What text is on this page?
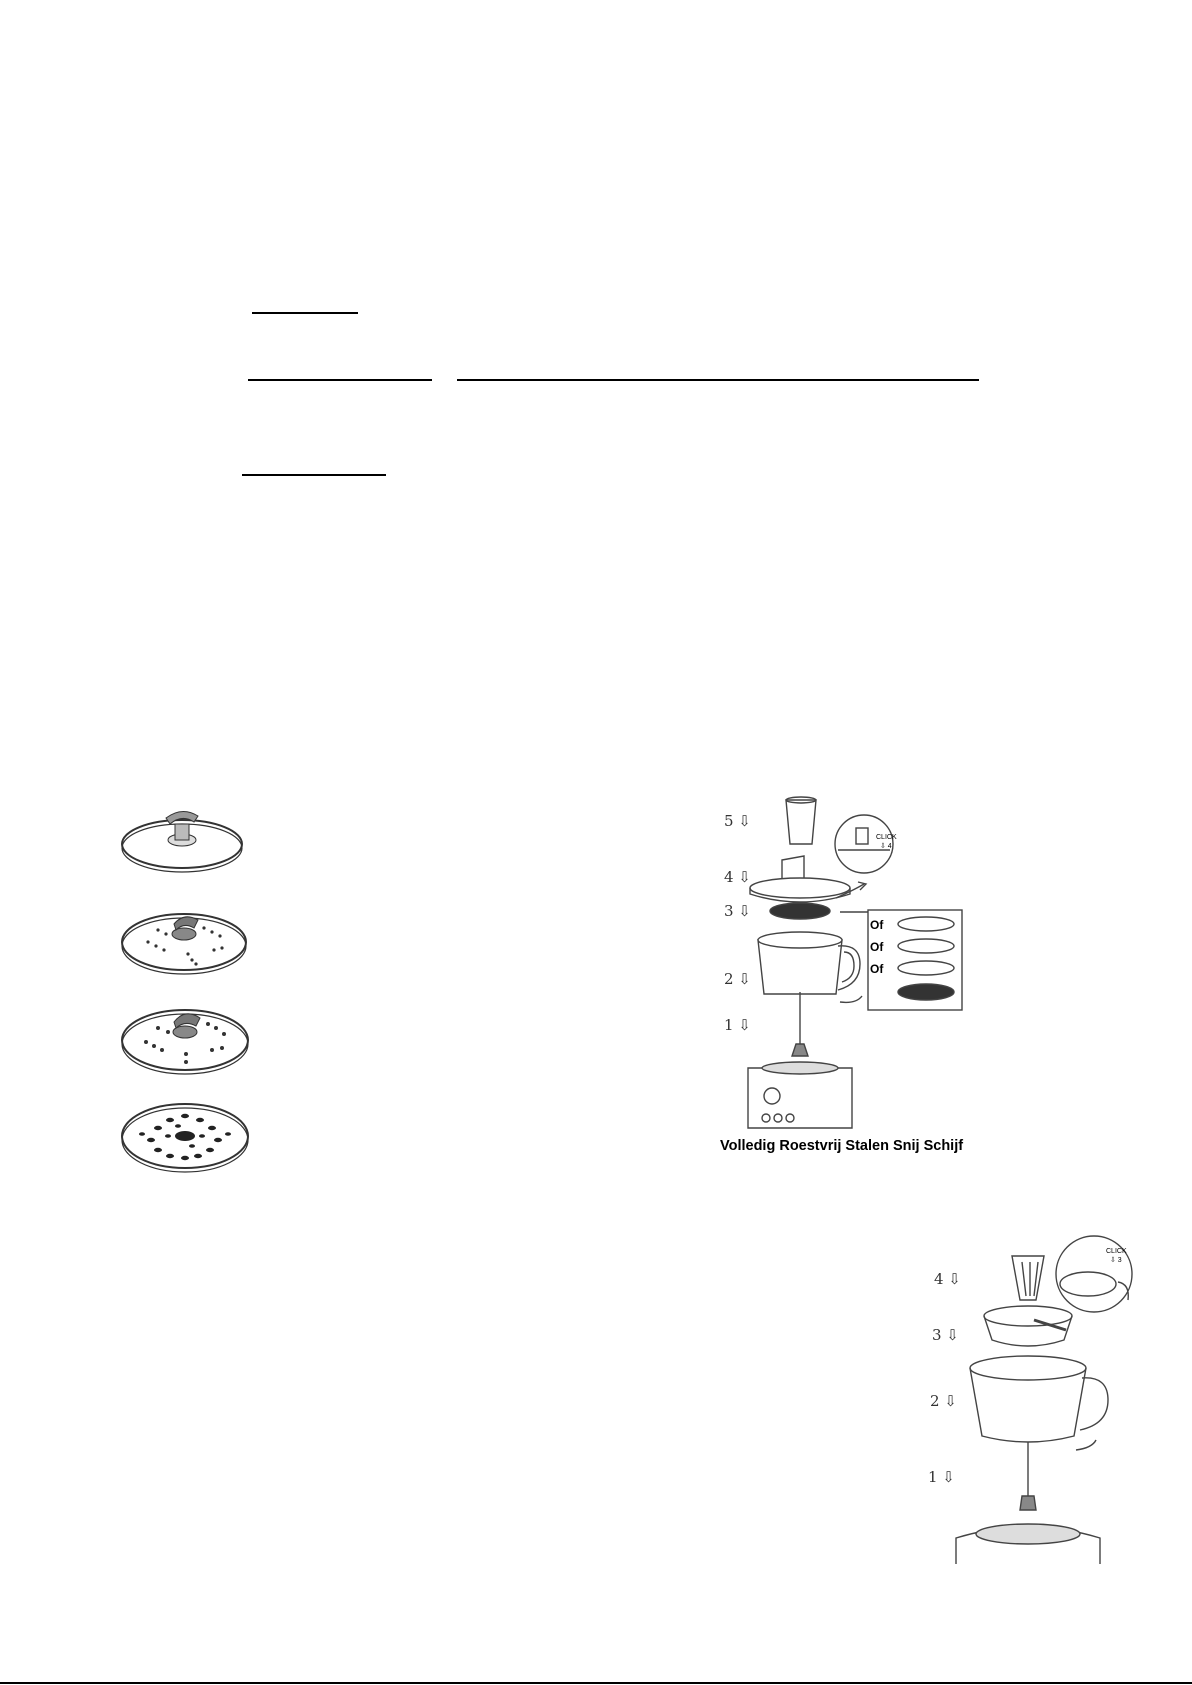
5 ⇩
4 ⇩
3 ⇩
2 ⇩
1 ⇩
CLICK
⇩ 4
Of
Of
Of
Volledig Roestvrij Stalen Snij Schijf
4 ⇩
3 ⇩
2 ⇩
1 ⇩
CLICK
⇩ 3
